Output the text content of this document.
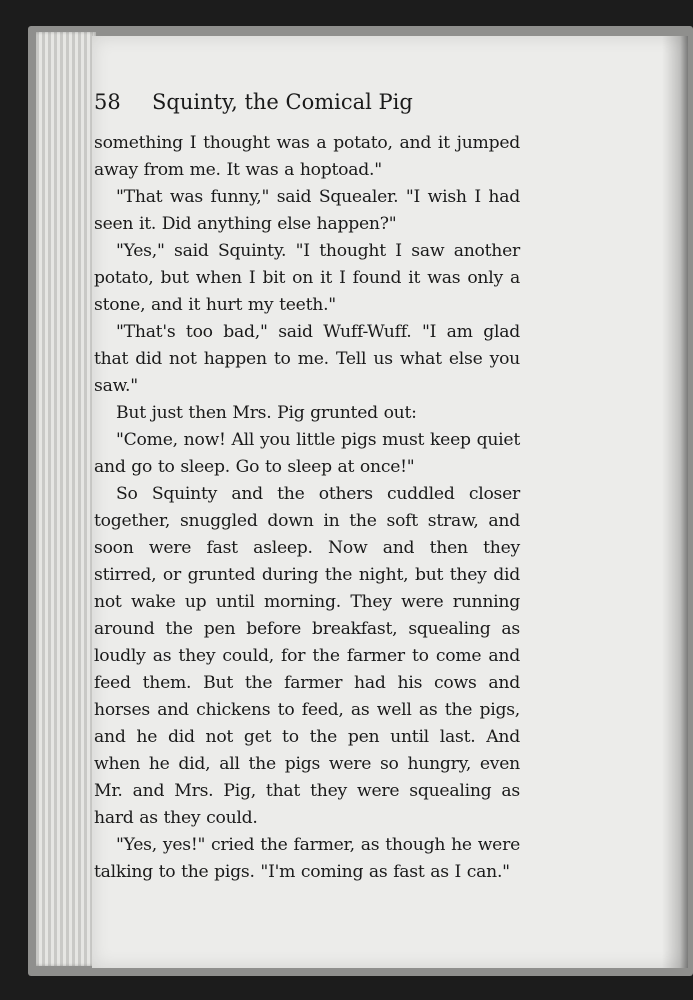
58 Squinty, the Comical Pig

something I thought was a potato, and it jumped away from me. It was a hoptoad."

"That was funny," said Squealer. "I wish I had seen it. Did anything else happen?"

"Yes," said Squinty. "I thought I saw another potato, but when I bit on it I found it was only a stone, and it hurt my teeth."

"That's too bad," said Wuff-Wuff. "I am glad that did not happen to me. Tell us what else you saw."

But just then Mrs. Pig grunted out:

"Come, now! All you little pigs must keep quiet and go to sleep. Go to sleep at once!"

So Squinty and the others cuddled closer together, snuggled down in the soft straw, and soon were fast asleep. Now and then they stirred, or grunted during the night, but they did not wake up until morning. They were running around the pen before breakfast, squealing as loudly as they could, for the farmer to come and feed them. But the farmer had his cows and horses and chickens to feed, as well as the pigs, and he did not get to the pen until last. And when he did, all the pigs were so hungry, even Mr. and Mrs. Pig, that they were squealing as hard as they could.

"Yes, yes!" cried the farmer, as though he were talking to the pigs. "I'm coming as fast as I can."
